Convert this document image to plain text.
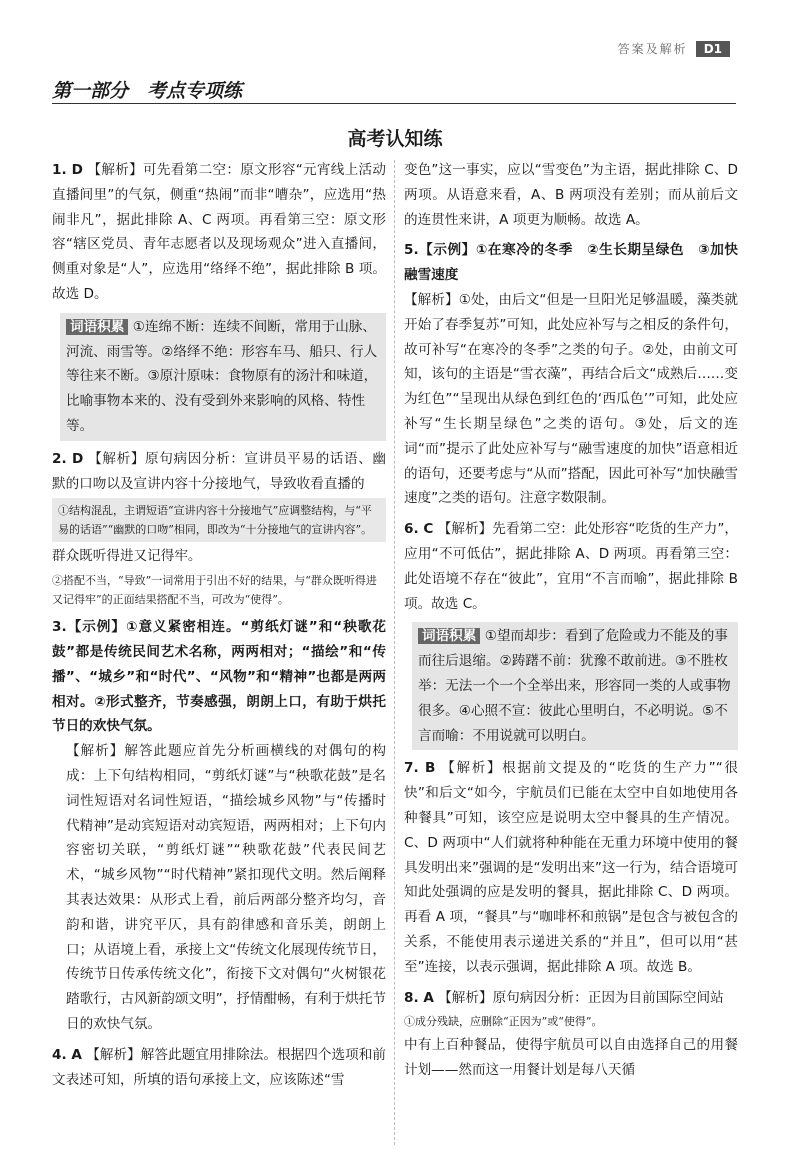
答案及解析	D1
第一部分　考点专项练
高考认知练

1. D 【解析】可先看第二空：原文形容“元宵线上活动直播间里”的气氛，侧重“热闹”而非“嘈杂”，应选用“热闹非凡”，据此排除 A、C 两项。再看第三空：原文形容“辖区党员、青年志愿者以及现场观众”进入直播间，侧重对象是“人”，应选用“络绎不绝”，据此排除 B 项。故选 D。

词语积累 ①连绵不断：连续不间断，常用于山脉、河流、雨雪等。②络绎不绝：形容车马、船只、行人等往来不断。③原汁原味：食物原有的汤汁和味道，比喻事物本来的、没有受到外来影响的风格、特性等。

2. D 【解析】原句病因分析：宣讲员平易的话语、幽默的口吻以及宣讲内容十分接地气，导致收看直播的

①结构混乱，主谓短语“宣讲内容十分接地气”应调整结构，与“平易的话语”“幽默的口吻”相同，即改为“十分接地气的宣讲内容”。

群众既听得进又记得牢。

②搭配不当，“导致”一词常用于引出不好的结果，与“群众既听得进又记得牢”的正面结果搭配不当，可改为“使得”。

3.【示例】①意义紧密相连。“剪纸灯谜”和“秧歌花鼓”都是传统民间艺术名称，两两相对；“描绘”和“传播”、“城乡”和“时代”、“风物”和“精神”也都是两两相对。②形式整齐，节奏感强，朗朗上口，有助于烘托节日的欢快气氛。

【解析】解答此题应首先分析画横线的对偶句的构成：上下句结构相同，“剪纸灯谜”与“秧歌花鼓”是名词性短语对名词性短语，“描绘城乡风物”与“传播时代精神”是动宾短语对动宾短语，两两相对；上下句内容密切关联，“剪纸灯谜”“秧歌花鼓”代表民间艺术，“城乡风物”“时代精神”紧扣现代文明。然后阐释其表达效果：从形式上看，前后两部分整齐均匀，音韵和谐，讲究平仄，具有韵律感和音乐美，朗朗上口；从语境上看，承接上文“传统文化展现传统节日，传统节日传承传统文化”，衔接下文对偶句“火树银花踏歌行，古风新韵颂文明”，抒情酣畅，有利于烘托节日的欢快气氛。

4. A 【解析】解答此题宜用排除法。根据四个选项和前文表述可知，所填的语句承接上文，应该陈述“雪

变色”这一事实，应以“雪变色”为主语，据此排除 C、D 两项。从语意来看，A、B 两项没有差别；而从前后文的连贯性来讲，A 项更为顺畅。故选 A。

5.【示例】①在寒冷的冬季　②生长期呈绿色　③加快融雪速度

【解析】①处，由后文“但是一旦阳光足够温暖，藻类就开始了春季复苏”可知，此处应补写与之相反的条件句，故可补写“在寒冷的冬季”之类的句子。②处，由前文可知，该句的主语是“雪衣藻”，再结合后文“成熟后……变为红色”“呈现出从绿色到红色的‘西瓜色’”可知，此处应补写“生长期呈绿色”之类的语句。③处，后文的连词“而”提示了此处应补写与“融雪速度的加快”语意相近的语句，还要考虑与“从而”搭配，因此可补写“加快融雪速度”之类的语句。注意字数限制。

6. C 【解析】先看第二空：此处形容“吃货的生产力”，应用“不可低估”，据此排除 A、D 两项。再看第三空：此处语境不存在“彼此”，宜用“不言而喻”，据此排除 B 项。故选 C。

词语积累 ①望而却步：看到了危险或力不能及的事而往后退缩。②踌躇不前：犹豫不敢前进。③不胜枚举：无法一个一个全举出来，形容同一类的人或事物很多。④心照不宣：彼此心里明白，不必明说。⑤不言而喻：不用说就可以明白。

7. B 【解析】根据前文提及的“吃货的生产力”“很快”和后文“如今，宇航员们已能在太空中自如地使用各种餐具”可知，该空应是说明太空中餐具的生产情况。C、D 两项中“人们就将种种能在无重力环境中使用的餐具发明出来”强调的是“发明出来”这一行为，结合语境可知此处强调的应是发明的餐具，据此排除 C、D 两项。再看 A 项，“餐具”与“咖啡杯和煎锅”是包含与被包含的关系，不能使用表示递进关系的“并且”，但可以用“甚至”连接，以表示强调，据此排除 A 项。故选 B。

8. A 【解析】原句病因分析：正因为目前国际空间站

①成分残缺，应删除“正因为”或“使得”。

中有上百种餐品，使得宇航员可以自由选择自己的用餐计划——然而这一用餐计划是每八天循
